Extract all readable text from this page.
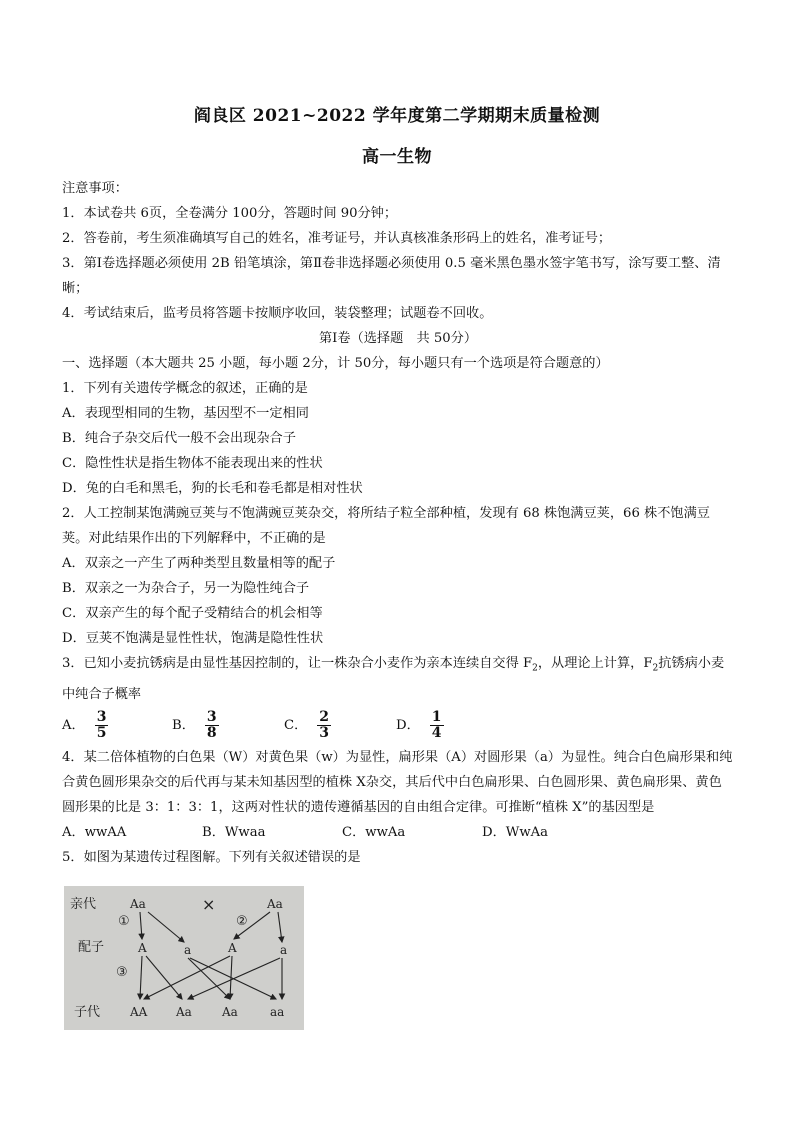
阎良区 2021~2022 学年度第二学期期末质量检测
高一生物
注意事项：
1．本试卷共 6页，全卷满分 100分，答题时间 90分钟；
2．答卷前，考生须准确填写自己的姓名，准考证号，并认真核准条形码上的姓名，准考证号；
3．第Ⅰ卷选择题必须使用 2B 铅笔填涂，第Ⅱ卷非选择题必须使用 0.5 毫米黑色墨水签字笔书写，涂写要工整、清晰；
4．考试结束后，监考员将答题卡按顺序收回，装袋整理；试题卷不回收。
第Ⅰ卷（选择题　共 50分）
一、选择题（本大题共 25 小题，每小题 2分，计 50分，每小题只有一个选项是符合题意的）
1．下列有关遗传学概念的叙述，正确的是
A．表现型相同的生物，基因型不一定相同
B．纯合子杂交后代一般不会出现杂合子
C．隐性性状是指生物体不能表现出来的性状
D．兔的白毛和黑毛，狗的长毛和卷毛都是相对性状
2．人工控制某饱满豌豆荚与不饱满豌豆荚杂交，将所结子粒全部种植，发现有 68 株饱满豆荚，66 株不饱满豆荚。对此结果作出的下列解释中，不正确的是
A．双亲之一产生了两种类型且数量相等的配子
B．双亲之一为杂合子，另一为隐性纯合子
C．双亲产生的每个配子受精结合的机会相等
D．豆荚不饱满是显性性状，饱满是隐性性状
3．已知小麦抗锈病是由显性基因控制的，让一株杂合小麦作为亲本连续自交得 $F_2$，从理论上计算，$F_2$抗锈病小麦中纯合子概率
A． $\frac{3}{5}$	B． $\frac{3}{8}$	C． $\frac{2}{3}$	D． $\frac{1}{4}$
4．某二倍体植物的白色果（W）对黄色果（w）为显性，扁形果（A）对圆形果（a）为显性。纯合白色扁形果和纯合黄色圆形果杂交的后代再与某未知基因型的植株 X杂交，其后代中白色扁形果、白色圆形果、黄色扁形果、黄色圆形果的比是 3：1：3：1，这两对性状的遗传遵循基因的自由组合定律。可推断“植株 X”的基因型是
A．wwAA	B．Wwaa	C．wwAa	D．WwAa
5．如图为某遗传过程图解。下列有关叙述错误的是
亲代
配子
子代
Aa	×	Aa
①	②
③
A	a	A	a
AA Aa	Aa	aa
